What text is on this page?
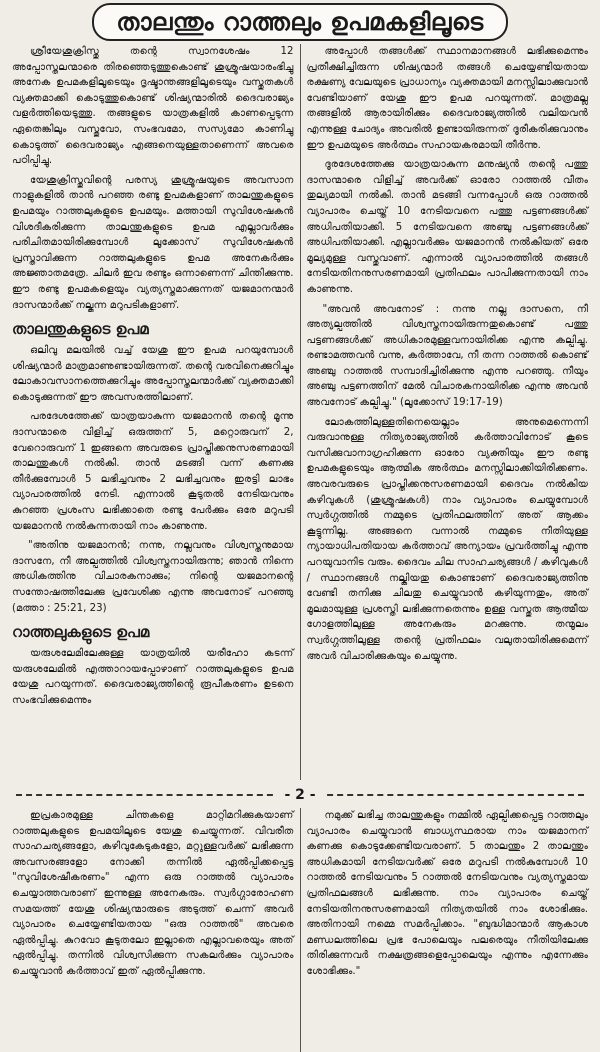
താലന്തും റാത്തലും ഉപമകളിലൂടെ

ശ്രീയേശുക്രിസ്തു തന്റെ സ്വാനശേഷം 12 അപ്പോസ്തലന്മാരെ തിരഞ്ഞെടുത്തുകൊണ്ട് ശുശ്രൂഷയാരംഭിച്ചു അനേക ഉപമകളിലൂടെയും ദൃഷ്ടാന്തങ്ങളിലൂടെയും വസ്തുതകൾ വ്യക്തമാക്കി കൊടുത്തുകൊണ്ട് ശിഷ്യന്മാരിൽ ദൈവരാജ്യം വളർത്തിയെടുത്തു. തങ്ങളുടെ യാത്രകളിൽ കാണപ്പെടുന്ന ഏതെങ്കിലും വസ്തുവോ, സംഭവമോ, സസ്യമോ കാണിച്ചു കൊടുത്ത് ദൈവരാജ്യം എങ്ങനെയുള്ളതാണെന്ന് അവരെ പഠിപ്പിച്ചു.

യേശുക്രിസ്തുവിന്റെ പരസ്യ ശുശ്രൂഷയുടെ അവസാന നാളുകളിൽ താൻ പറഞ്ഞ രണ്ടു ഉപമകളാണ് താലന്തുകളുടെ ഉപമയും റാത്തലുകളുടെ ഉപമയും. മത്തായി സുവിശേഷകൻ വിശദീകരിക്കുന്ന താലന്തുകളുടെ ഉപമ എല്ലാവർക്കും പരിചിതമായിരിക്കുമ്പോൾ ലൂക്കോസ് സുവിശേഷകൻ പ്രസ്താവിക്കുന്ന റാത്തലുകളുടെ ഉപമ അനേകർക്കും അജ്ഞാതമത്രേ. ചിലർ ഇവ രണ്ടും ഒന്നാണെന്ന് ചിന്തിക്കുന്നു. ഈ രണ്ടു ഉപമകളെയും വ്യത്യസ്തമാക്കുന്നത് യജമാനന്മാർ ദാസന്മാർക്ക് നല്കുന്ന മറുപടികളാണ്.

താലന്തുകളുടെ ഉപമ

ഒലിവു മലയിൽ വച്ച് യേശു ഈ ഉപമ പറയുമ്പോൾ ശിഷ്യന്മാർ മാത്രമാണുണ്ടായിരുന്നത്. തന്റെ വരവിനെക്കുറിച്ചും ലോകാവസാനത്തെക്കുറിച്ചും അപ്പോസ്തലന്മാർക്ക് വ്യക്തമാക്കി കൊടുക്കുന്നത് ഈ അവസരത്തിലാണ്.

പരദേശത്തേക്ക് യാത്രയാകുന്ന യജമാനൻ തന്റെ മൂന്നു ദാസന്മാരെ വിളിച്ച് ഒരുത്തന് 5, മറ്റൊരുവന് 2, വേറൊരുവന് 1 ഇങ്ങനെ അവരുടെ പ്രാപ്തിക്കനുസരണമായി താലന്തുകൾ നൽകി. താൻ മടങ്ങി വന്ന് കണക്കു തീർക്കുമ്പോൾ 5 ലഭിച്ചവനും 2 ലഭിച്ചവനും ഇരട്ടി ലാഭം വ്യാപാരത്തിൽ നേടി. എന്നാൽ കൂടുതൽ നേടിയവനും കുറഞ്ഞ പ്രശംസ ലഭിക്കാതെ രണ്ടു പേർക്കും ഒരേ മറുപടി യജമാനൻ നൽകുന്നതായി നാം കാണുന്നു.

"അതിനു യജമാനൻ; നന്നു, നല്ലവനും വിശ്വസ്തനുമായ ദാസനേ, നീ അല്പത്തിൽ വിശ്വസ്തനായിരുന്നു; ഞാൻ നിന്നെ അധികത്തിനു വിചാരകനാക്കും; നിന്റെ യജമാനന്റെ സന്തോഷത്തിലേക്കു പ്രവേശിക്ക എന്നു അവനോട് പറഞ്ഞു (മത്താ : 25:21, 23)

റാത്തലുകളുടെ ഉപമ

യരുശലേമിലേക്കുള്ള യാത്രയിൽ യരീഹോ കടന്ന് യരുശലേമിൽ എത്താറായപ്പോഴാണ് റാത്തലുകളുടെ ഉപമ യേശു പറയുന്നത്. ദൈവരാജ്യത്തിന്റെ രൂപീകരണം ഉടനെ സംഭവിക്കുമെന്നും

അപ്പോൾ തങ്ങൾക്ക് സ്ഥാനമാനങ്ങൾ ലഭിക്കുമെന്നും പ്രതീക്ഷിച്ചിരുന്ന ശിഷ്യന്മാർ തങ്ങൾ ചെയ്യേണ്ടിയതായ രക്ഷണ്യ വേലയുടെ പ്രാധാന്യം വ്യക്തമായി മനസ്സിലാക്കുവാൻ വേണ്ടിയാണ് യേശു ഈ ഉപമ പറയുന്നത്. മാത്രമല്ല തങ്ങളിൽ ആരായിരിക്കും ദൈവരാജ്യത്തിൽ വലിയവൻ എന്നുള്ള ചോദ്യം അവരിൽ ഉണ്ടായിരുന്നത് ദൂരീകരിക്കുവാനും ഈ ഉപമയുടെ അർത്ഥം സഹായകരമായി തീർന്നു.

ദൂരദേശത്തേക്കു യാത്രയാകുന്ന മനുഷ്യൻ തന്റെ പത്തു ദാസന്മാരെ വിളിച്ച് അവർക്ക് ഓരോ റാത്തൽ വീതം തുല്യമായി നൽകി. താൻ മടങ്ങി വന്നപ്പോൾ ഒരു റാത്തൽ വ്യാപാരം ചെയ്ത് 10 നേടിയവനെ പത്തു പട്ടണങ്ങൾക്ക് അധിപതിയാക്കി. 5 നേടിയവനെ അഞ്ചു പട്ടണങ്ങൾക്ക് അധിപതിയാക്കി. എല്ലാവർക്കും യജമാനൻ നൽകിയത് ഒരേ മൂല്യമുള്ള വസ്തുവാണ്. എന്നാൽ വ്യാപാരത്തിൽ തങ്ങൾ നേടിയതിനനുസരണമായി പ്രതിഫലം പാപിക്കുന്നതായി നാം കാണുന്നു.

"അവൻ അവനോട് : നന്നു നല്ല ദാസനെ, നീ അത്യല്പത്തിൽ വിശ്വസ്തനായിരുന്നതുകൊണ്ട് പത്തു പട്ടണങ്ങൾക്ക് അധികാരമുള്ളവനായിരിക്ക എന്നു കല്പിച്ചു. രണ്ടാമത്തവൻ വന്നു, കർത്താവേ, നീ തന്ന റാത്തൽ കൊണ്ട് അഞ്ചു റാത്തൽ സമ്പാദിച്ചിരിക്കുന്നു എന്നു പറഞ്ഞു. നീയും അഞ്ചു പട്ടണത്തിന് മേൽ വിചാരകനായിരിക്ക എന്നു അവൻ അവനോട് കല്പിച്ചു." (ലൂക്കോസ് 19:17-19)

ലോകത്തിലുള്ളതിനെയെല്ലാം അനുമെന്നെന്നി വരുവാനുള്ള നിത്യരാജ്യത്തിൽ കർത്താവിനോട് കൂടെ വസിക്കുവാനാഗ്രഹിക്കുന്ന ഓരോ വ്യക്തിയും ഈ രണ്ടു ഉപമകളുടെയും ആത്മിക അർത്ഥം മനസ്സിലാക്കിയിരിക്കണം. അവരവരുടെ പ്രാപ്തിക്കനുസരണമായി ദൈവം നൽകിയ കഴിവുകൾ (ശുശ്രൂഷകൾ) നാം വ്യാപാരം ചെയ്യുമ്പോൾ സ്വർഗ്ഗത്തിൽ നമ്മുടെ പ്രതിഫലത്തിന് അത് ആക്കം കൂട്ടുന്നില്ല. അങ്ങനെ വന്നാൽ നമ്മുടെ നീതിയുള്ള ന്യായാധിപതിയായ കർത്താവ് അന്യായം പ്രവർത്തിച്ചു എന്നു പറയുവാനിട വരും. ദൈവം ചില സാഹചര്യങ്ങൾ / കഴിവുകൾ / സ്ഥാനങ്ങൾ നല്കിയതു കൊണ്ടാണ് ദൈവരാജ്യത്തിനു വേണ്ടി തനിക്കു ചിലതു ചെയ്യുവാൻ കഴിയുന്നതും, അത് മൂലമായുള്ള പ്രശസ്തി ലഭിക്കുന്നതെന്നും ഉള്ള വസ്തുത ആത്മീയ ഗോളത്തിലുള്ള അനേകരും മറക്കുന്നു. തന്മൂലം സ്വർഗ്ഗത്തിലുള്ള തന്റെ പ്രതിഫലം വലുതായിരിക്കുമെന്ന് അവർ വിചാരിക്കുകയും ചെയ്യുന്നു.

- 2 -

ഇപ്രകാരമുള്ള ചിന്തകളെ മാറ്റിമറിക്കുകയാണ് റാത്തലുകളുടെ ഉപമയിലൂടെ യേശു ചെയ്യുന്നത്. വിവരീത സാഹചര്യങ്ങളോ, കഴിവുകേടുകളോ, മറ്റുള്ളവർക്ക് ലഭിക്കുന്ന അവസരങ്ങളോ നോക്കി തന്നിൽ ഏൽപ്പിക്കപ്പെട്ട "സുവിശേഷീകരണം" എന്ന ഒരു റാത്തൽ വ്യാപാരം ചെയ്യാത്തവരാണ് ഇന്നുള്ള അനേകരും. സ്വർഗ്ഗാരോഹണ സമയത്ത് യേശു ശിഷ്യന്മാരുടെ അടുത്ത് ചെന്ന് അവർ വ്യാപാരം ചെയ്യേണ്ടിയതായ "ഒരു റാത്തൽ" അവരെ ഏൽപ്പിച്ചു. കുറവോ കൂടുതലോ ഇല്ലാതെ എല്ലാവരെയും അത് ഏൽപ്പിച്ചു. തന്നിൽ വിശ്വസിക്കുന്ന സകലർക്കും വ്യാപാരം ചെയ്യുവാൻ കർത്താവ് ഇത് ഏൽപ്പിക്കുന്നു.

നമുക്ക് ലഭിച്ച താലന്തുകളും നമ്മിൽ ഏല്പിക്കപ്പെട്ട റാത്തലും വ്യാപാരം ചെയ്യുവാൻ ബാധ്യസ്ഥരായ നാം യജമാനന് കണക്കു കൊടുക്കേണ്ടിയവരാണ്. 5 താലന്തും 2 താലന്തും അധികമായി നേടിയവർക്ക് ഒരേ മറുപടി നൽകുമ്പോൾ 10 റാത്തൽ നേടിയവനും 5 റാത്തൽ നേടിയവനും വ്യത്യസ്തമായ പ്രതിഫലങ്ങൾ ലഭിക്കുന്നു. നാം വ്യാപാരം ചെയ്ത് നേടിയതിനനുസരണമായി നിത്യതയിൽ നാം ശോഭിക്കും. അതിനായി നമ്മെ സമർപ്പിക്കാം. "ബുദ്ധിമാന്മാർ ആകാശ മണ്ഡലത്തിലെ പ്രഭ പോലെയും പലരെയും നീതിയിലേക്കു തിരിക്കുന്നവർ നക്ഷത്രങ്ങളെപ്പോലെയും എന്നും എന്നേക്കും ശോഭിക്കും."
